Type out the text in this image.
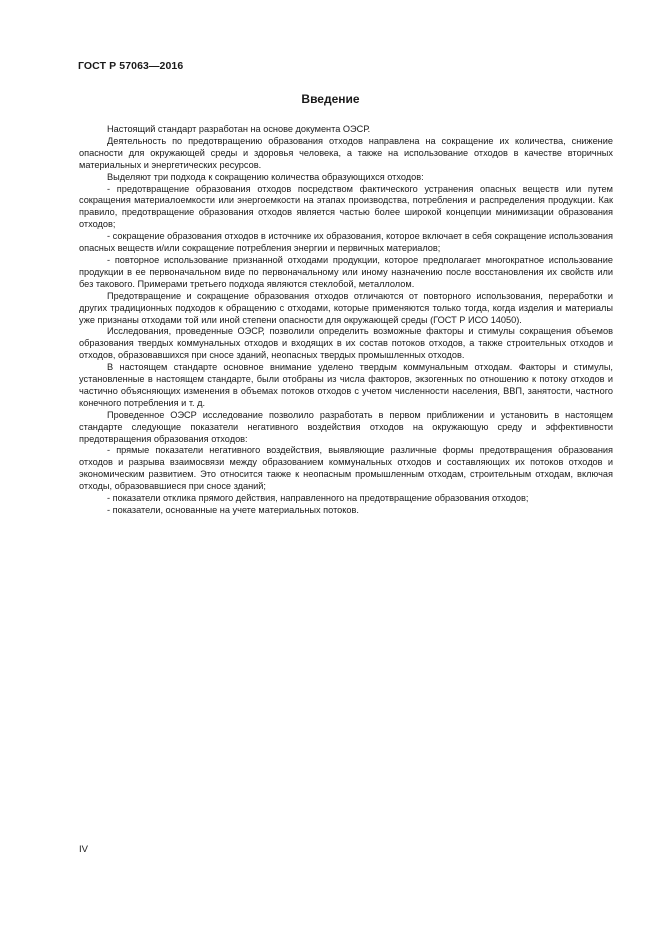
ГОСТ Р 57063—2016
Введение

Настоящий стандарт разработан на основе документа ОЭСР.

Деятельность по предотвращению образования отходов направлена на сокращение их количества, снижение опасности для окружающей среды и здоровья человека, а также на использование отходов в качестве вторичных материальных и энергетических ресурсов.

Выделяют три подхода к сокращению количества образующихся отходов:

- предотвращение образования отходов посредством фактического устранения опасных веществ или путем сокращения материалоемкости или энергоемкости на этапах производства, потребления и распределения продукции. Как правило, предотвращение образования отходов является частью более широкой концепции минимизации образования отходов;

- сокращение образования отходов в источнике их образования, которое включает в себя сокращение использования опасных веществ и/или сокращение потребления энергии и первичных материалов;

- повторное использование признанной отходами продукции, которое предполагает многократное использование продукции в ее первоначальном виде по первоначальному или иному назначению после восстановления их свойств или без такового. Примерами третьего подхода являются стеклобой, металлолом.

Предотвращение и сокращение образования отходов отличаются от повторного использования, переработки и других традиционных подходов к обращению с отходами, которые применяются только тогда, когда изделия и материалы уже признаны отходами той или иной степени опасности для окружающей среды (ГОСТ Р ИСО 14050).

Исследования, проведенные ОЭСР, позволили определить возможные факторы и стимулы сокращения объемов образования твердых коммунальных отходов и входящих в их состав потоков отходов, а также строительных отходов и отходов, образовавшихся при сносе зданий, неопасных твердых промышленных отходов.

В настоящем стандарте основное внимание уделено твердым коммунальным отходам. Факторы и стимулы, установленные в настоящем стандарте, были отобраны из числа факторов, экзогенных по отношению к потоку отходов и частично объясняющих изменения в объемах потоков отходов с учетом численности населения, ВВП, занятости, частного конечного потребления и т. д.

Проведенное ОЭСР исследование позволило разработать в первом приближении и установить в настоящем стандарте следующие показатели негативного воздействия отходов на окружающую среду и эффективности предотвращения образования отходов:

- прямые показатели негативного воздействия, выявляющие различные формы предотвращения образования отходов и разрыва взаимосвязи между образованием коммунальных отходов и составляющих их потоков отходов и экономическим развитием. Это относится также к неопасным промышленным отходам, строительным отходам, включая отходы, образовавшиеся при сносе зданий;

- показатели отклика прямого действия, направленного на предотвращение образования отходов;

- показатели, основанные на учете материальных потоков.

IV
